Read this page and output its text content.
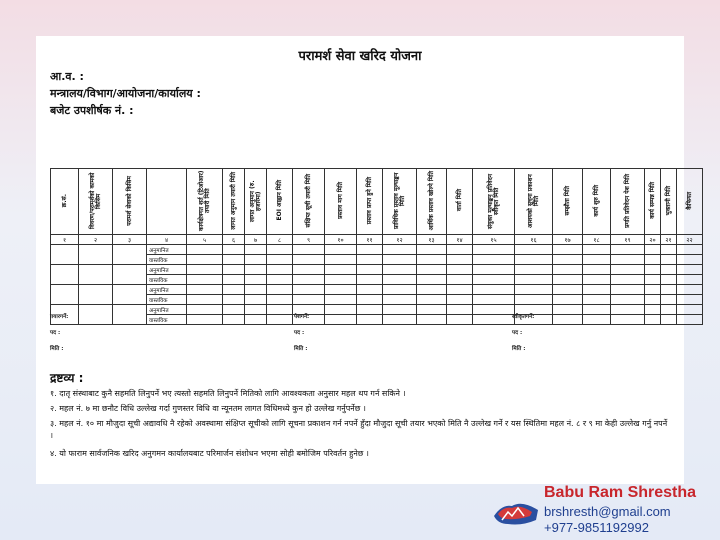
परामर्श सेवा खरिद योजना
आ.व. :
मन्त्रालय/विभाग/आयोजना/कार्यालय :
बजेट उपशीर्षक नं. :
क्र.सं.	विवरण/परामर्शको कामको किसिम	परामर्श सेवाको किसिम		कार्यक्षेत्रगत शर्त (टिओआर) तयारी मिति	लागत अनुमान तयारी मिति	लागत अनुमान (रु. हजारमा)	EOI आह्वान मिति	संक्षिप्त सूची तयारी मिति	प्रस्ताव माग मिति	प्रस्ताव प्राप्त हुने मिति	प्राविधिक प्रस्ताव मूल्याङ्कन मिति	आर्थिक प्रस्ताव खोल्ने मिति	वार्ता मिति	संयुक्त मूल्याङ्कन प्रतिवेदन स्वीकृत मिति	आशयको सूचना प्रकाशन मिति	सम्झौता मिति	कार्य शुरु मिति	प्रगति प्रतिवेदन पेश मिति	कार्य सम्पन्न मिति	भुक्तानी मिति	कैफियत
१	२	३	४	५	६	७	८	९	१०	११	१२	१३	१४	१५	१६	१७	१८	१९	२०	२१	२२
			अनुमानित																		
			वास्तविक																		
			अनुमानित																		
			वास्तविक																		
			अनुमानित																		
			वास्तविक																		
			अनुमानित																		
			वास्तविक																		
तयारगर्ने:
पद :
मिति :
पेशगर्ने:
पद :
मिति :
स्वीकृतगर्ने:
पद :
मिति :
द्रष्टव्य :
१. दातृ संस्थाबाट कुनै सहमति लिनुपर्ने भए त्यस्तो सहमति लिनुपर्ने मितिको लागि आवश्यकता अनुसार महल थप गर्न सकिने ।
२. महल नं. ७ मा छनौट विधि उल्लेख गर्दा गुणस्तर विधि वा न्यूनतम लागत विधिमध्ये कुन हो उल्लेख गर्नुपर्नेछ ।
३. महल नं. १० मा मौजुदा सूची अद्यावधि नै रहेको अवस्थामा संक्षिप्त सूचीको लागि सूचना प्रकाशन गर्न नपर्ने हुँदा मौजुदा सूची तयार भएको मिति नै उल्लेख गर्ने र यस स्थितिमा महल नं. ८ र ९ मा केही उल्लेख गर्नु नपर्ने ।
४. यो फाराम सार्वजनिक खरिद अनुगमन कार्यालयबाट परिमार्जन संशोधन भएमा सोही बमोजिम परिवर्तन हुनेछ ।
Babu Ram Shrestha
brshresth@gmail.com
+977-9851192992
